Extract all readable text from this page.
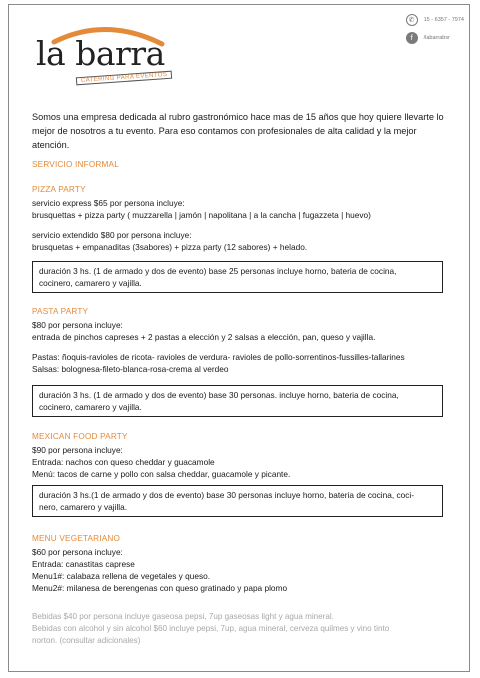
la barra
CATERING PARA EVENTOS
✆	15 - 6357 - 7974
f	/labarrabsr
Somos una empresa dedicada al rubro gastronómico hace mas de 15 años que hoy quiere llevarte lo mejor de nosotros a tu evento. Para eso contamos con profesionales de alta calidad y la mejor atención.
SERVICIO INFORMAL
PIZZA PARTY
servicio express $65 por persona incluye:
brusquettas + pizza party ( muzzarella | jamón | napolitana | a la cancha | fugazzeta | huevo)
servicio extendido $80 por persona incluye:
brusquetas + empanaditas (3sabores) + pizza party (12 sabores) + helado.
duración 3 hs. (1 de armado y dos de evento) base 25 personas incluye horno, bateria de cocina,
cocinero, camarero y vajilla.
PASTA PARTY
$80 por persona incluye:
entrada de pinchos capreses + 2 pastas a elección y 2 salsas a elección, pan, queso y vajilla.
Pastas: ñoquis-ravioles de ricota- ravioles de verdura- ravioles de pollo-sorrentinos-fussilles-tallarines
Salsas: bolognesa-fileto-blanca-rosa-crema al verdeo
duración 3 hs. (1 de armado y dos de evento) base 30 personas. incluye horno, bateria de cocina,
cocinero, camarero y vajilla.
MEXICAN FOOD PARTY
$90 por persona incluye:
Entrada: nachos con queso cheddar y guacamole
Menú: tacos de carne y pollo con salsa cheddar, guacamole y picante.
duración 3 hs.(1 de armado y dos de evento) base 30 personas incluye horno, bateria de cocina, coci-
nero, camarero y vajilla.
MENU VEGETARIANO
$60 por persona incluye:
Entrada: canastitas caprese
Menu1#: calabaza rellena de vegetales y queso.
Menu2#: milanesa de berengenas con queso gratinado y papa plomo
Bebidas $40 por persona incluye gaseosa pepsi, 7up gaseosas light y agua mineral.
Bebidas con alcohol y sin alcohol $60 incluye pepsi, 7up, agua mineral, cerveza quilmes y vino tinto
norton. (consultar adicionales)
